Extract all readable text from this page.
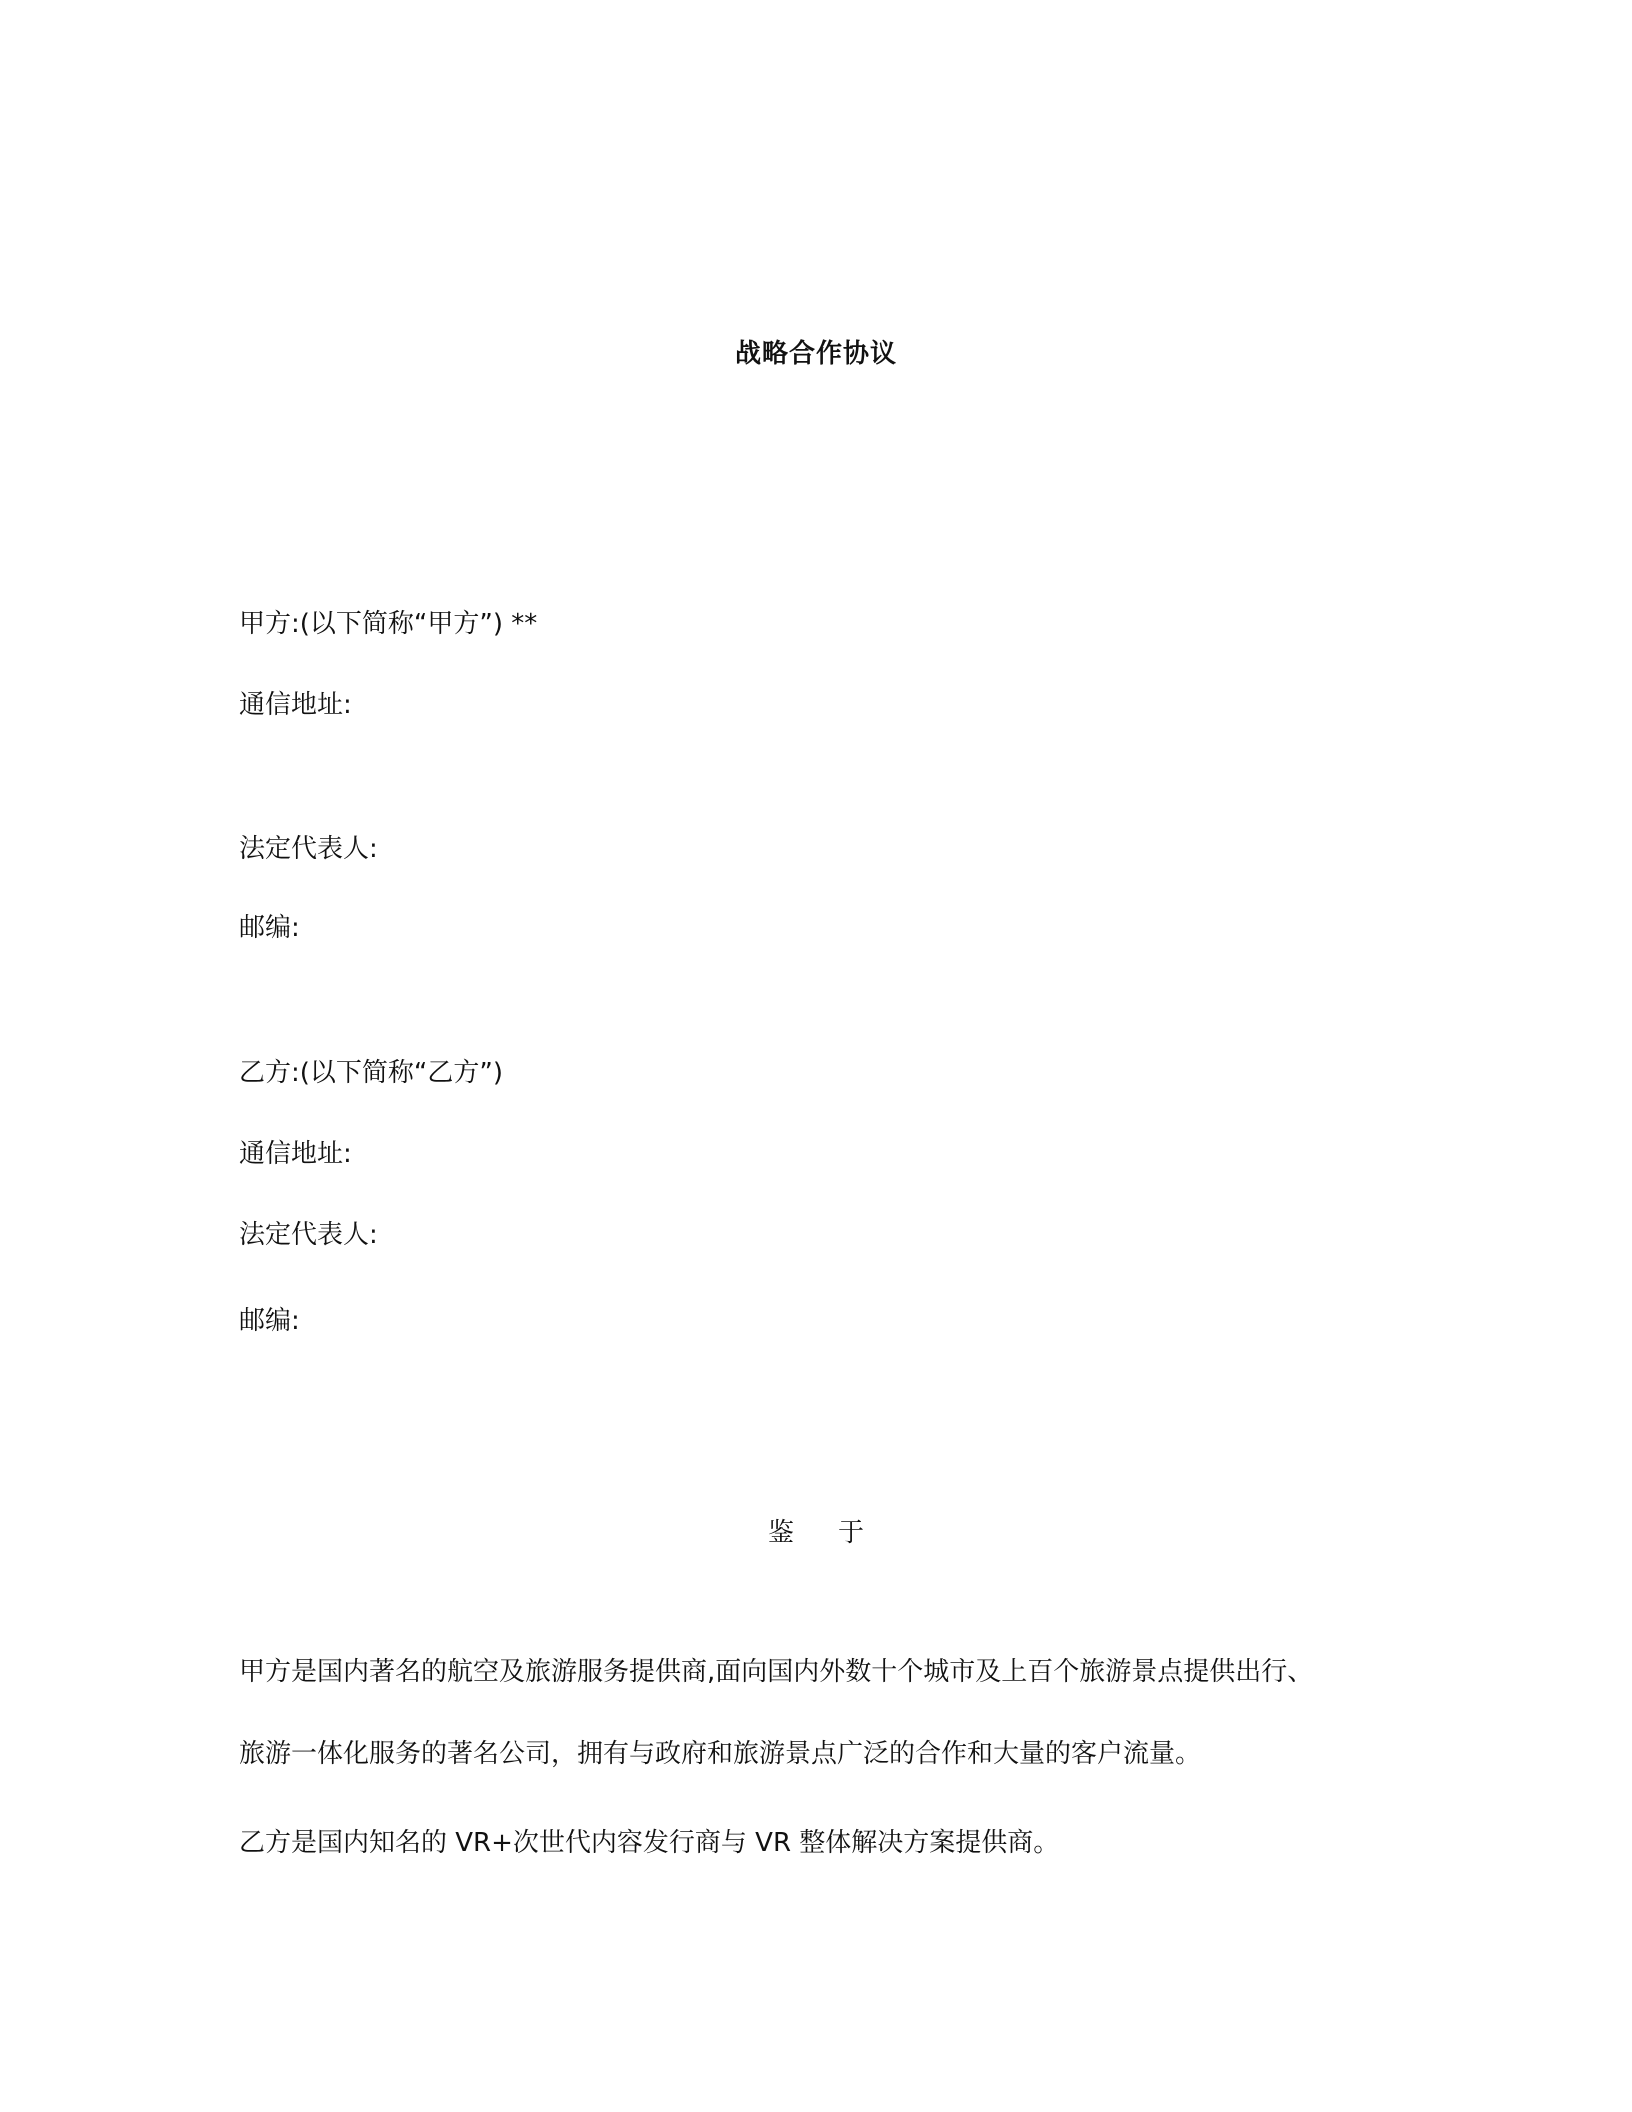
战略合作协议
甲方:(以下简称“甲方”) **
通信地址:
法定代表人:
邮编:
乙方:(以下简称“乙方”)
通信地址:
法定代表人:
邮编:
鉴 于
甲方是国内著名的航空及旅游服务提供商,面向国内外数十个城市及上百个旅游景点提供出行、
旅游一体化服务的著名公司，拥有与政府和旅游景点广泛的合作和大量的客户流量。
乙方是国内知名的 VR+次世代内容发行商与 VR 整体解决方案提供商。
